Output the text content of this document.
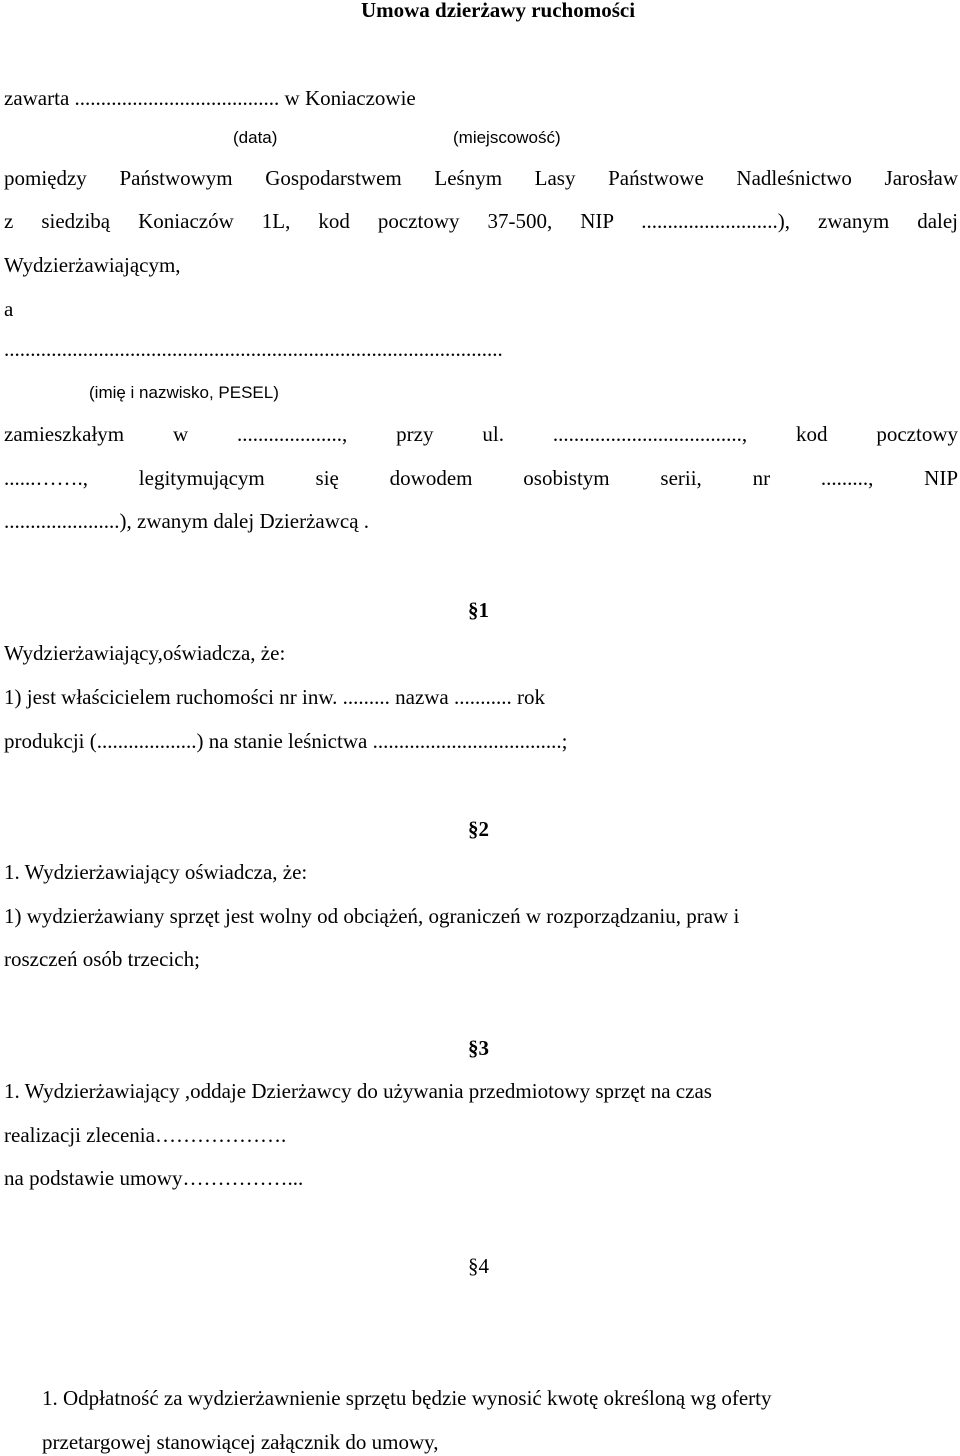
Umowa dzierżawy ruchomości
zawarta ....................................... w Koniaczowie
(data)	(miejscowość)
pomiędzy Państwowym Gospodarstwem Leśnym Lasy Państwowe Nadleśnictwo Jarosław
z siedzibą Koniaczów 1L, kod pocztowy 37-500, NIP ..........................), zwanym dalej
Wydzierżawiającym,
a
...............................................................................................
(imię i nazwisko, PESEL)
zamieszkałym w ...................., przy ul. ...................................., kod pocztowy
......……., legitymującym się dowodem osobistym serii, nr ........., NIP
......................), zwanym dalej Dzierżawcą .
§1
Wydzierżawiający,oświadcza, że:
1) jest właścicielem ruchomości nr inw. ......... nazwa ........... rok
produkcji (...................) na stanie leśnictwa ....................................;
§2
1. Wydzierżawiający oświadcza, że:
1) wydzierżawiany sprzęt jest wolny od obciążeń, ograniczeń w rozporządzaniu, praw i
roszczeń osób trzecich;
§3
1. Wydzierżawiający ,oddaje Dzierżawcy do używania przedmiotowy sprzęt na czas
realizacji zlecenia……………….
na podstawie umowy……………...
§4
1. Odpłatność za wydzierżawnienie sprzętu będzie wynosić kwotę określoną wg oferty
przetargowej stanowiącej załącznik do umowy,
